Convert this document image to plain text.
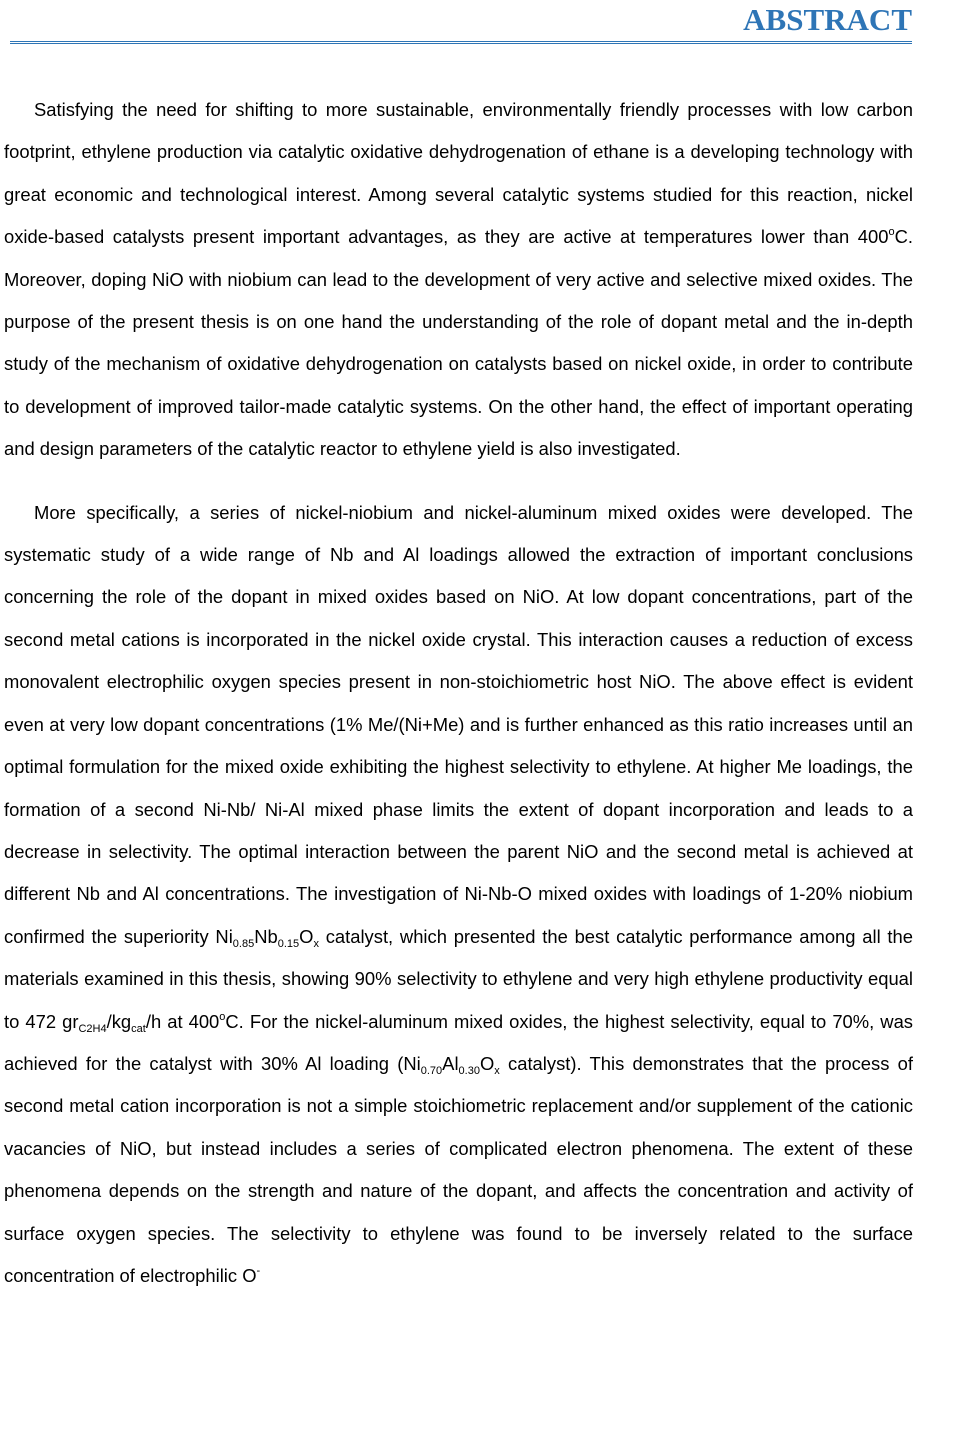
ABSTRACT

Satisfying the need for shifting to more sustainable, environmentally friendly processes with low carbon footprint, ethylene production via catalytic oxidative dehydrogenation of ethane is a developing technology with great economic and technological interest. Among several catalytic systems studied for this reaction, nickel oxide-based catalysts present important advantages, as they are active at temperatures lower than 400$^o$C. Moreover, doping NiO with niobium can lead to the development of very active and selective mixed oxides. The purpose of the present thesis is on one hand the understanding of the role of dopant metal and the in-depth study of the mechanism of oxidative dehydrogenation on catalysts based on nickel oxide, in order to contribute to development of improved tailor-made catalytic systems. On the other hand, the effect of important operating and design parameters of the catalytic reactor to ethylene yield is also investigated.

More specifically, a series of nickel-niobium and nickel-aluminum mixed oxides were developed. The systematic study of a wide range of Nb and Al loadings allowed the extraction of important conclusions concerning the role of the dopant in mixed oxides based on NiO. At low dopant concentrations, part of the second metal cations is incorporated in the nickel oxide crystal. This interaction causes a reduction of excess monovalent electrophilic oxygen species present in non-stoichiometric host NiO. The above effect is evident even at very low dopant concentrations (1% Me/(Ni+Me) and is further enhanced as this ratio increases until an optimal formulation for the mixed oxide exhibiting the highest selectivity to ethylene. At higher Me loadings, the formation of a second Ni-Nb/ Ni-Al mixed phase limits the extent of dopant incorporation and leads to a decrease in selectivity. The optimal interaction between the parent NiO and the second metal is achieved at different Nb and Al concentrations. The investigation of Ni-Nb-O mixed oxides with loadings of 1-20% niobium confirmed the superiority $Ni_{0.85}Nb_{0.15}O_x$ catalyst, which presented the best catalytic performance among all the materials examined in this thesis, showing 90% selectivity to ethylene and very high ethylene productivity equal to 472 $gr_{C2H4}/kg_{cat}/h$ at 400$^o$C. For the nickel-aluminum mixed oxides, the highest selectivity, equal to 70%, was achieved for the catalyst with 30% Al loading ($Ni_{0.70}Al_{0.30}O_x$ catalyst). This demonstrates that the process of second metal cation incorporation is not a simple stoichiometric replacement and/or supplement of the cationic vacancies of NiO, but instead includes a series of complicated electron phenomena. The extent of these phenomena depends on the strength and nature of the dopant, and affects the concentration and activity of surface oxygen species. The selectivity to ethylene was found to be inversely related to the surface concentration of electrophilic O-
